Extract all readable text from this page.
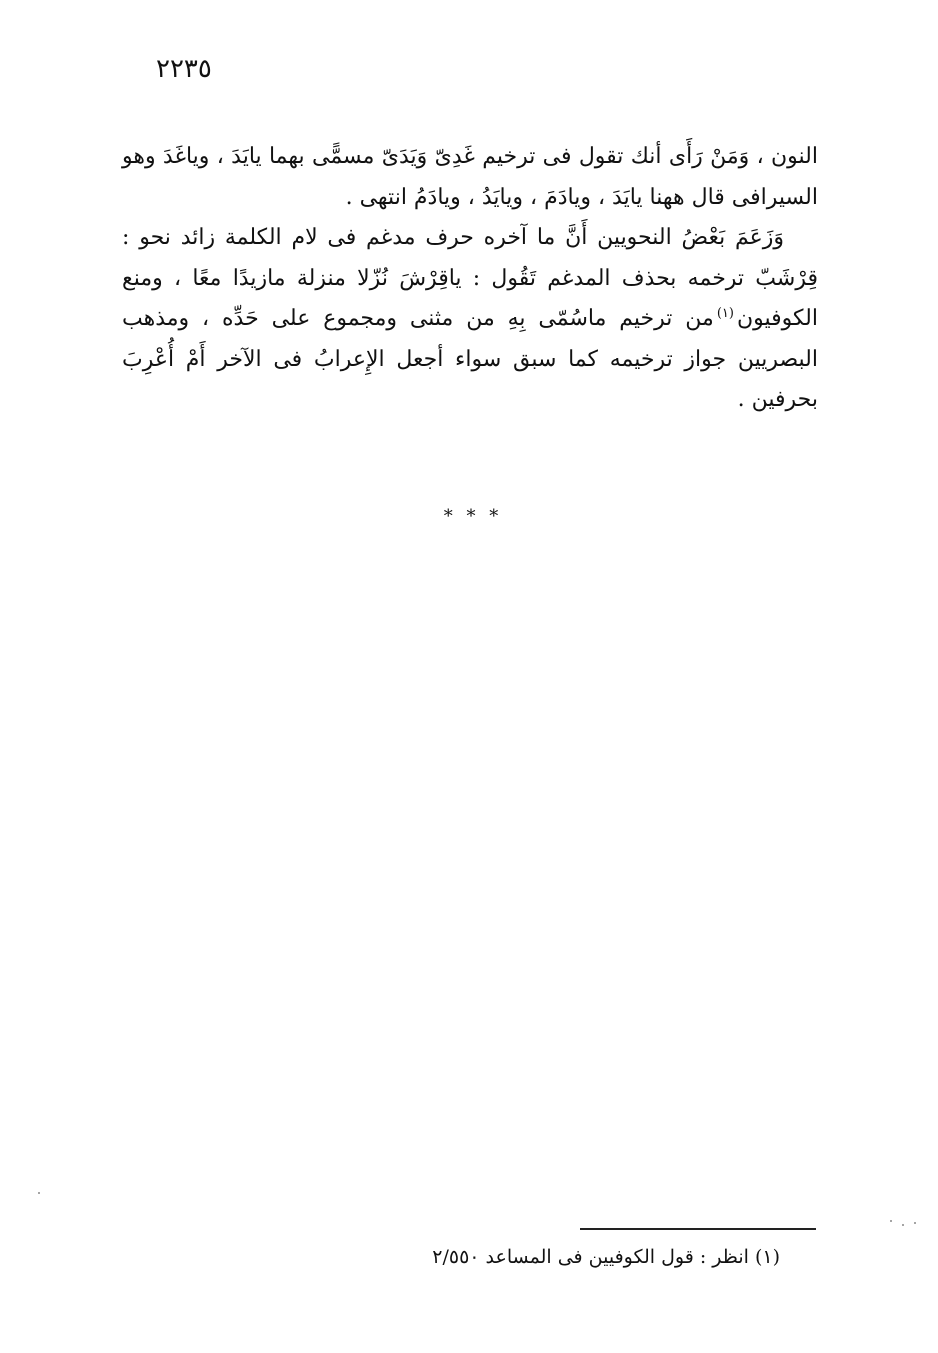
٢٢٣٥

النون ، وَمَنْ رَأَى أنك تقول فى ترخيم غَدِىّ وَيَدَىّ مسمًّى بهما يايَدَ ، وياغَدَ وهو السيرافى قال ههنا يايَدَ ، ويادَمَ ، ويايَدُ ، ويادَمُ انتهى .

وَزَعَمَ بَعْضُ النحويين أَنَّ ما آخره حرف مدغم فى لام الكلمة زائد نحو : قِرْشَبّ ترخمه بحذف المدغم تَقُول : ياقِرْشَ نُزّلا منزلة مازيدًا معًا ، ومنع الكوفيون$^{(١)}$من ترخيم ماسُمّى بِهِ من مثنى ومجموع على حَدِّه ، ومذهب البصريين جواز ترخيمه كما سبق سواء أجعل الإِعرابُ فى الآخر أَمْ أُعْرِبَ بحرفين .

* * *
(١) انظر : قول الكوفيين فى المساعد ٢/٥٥٠
